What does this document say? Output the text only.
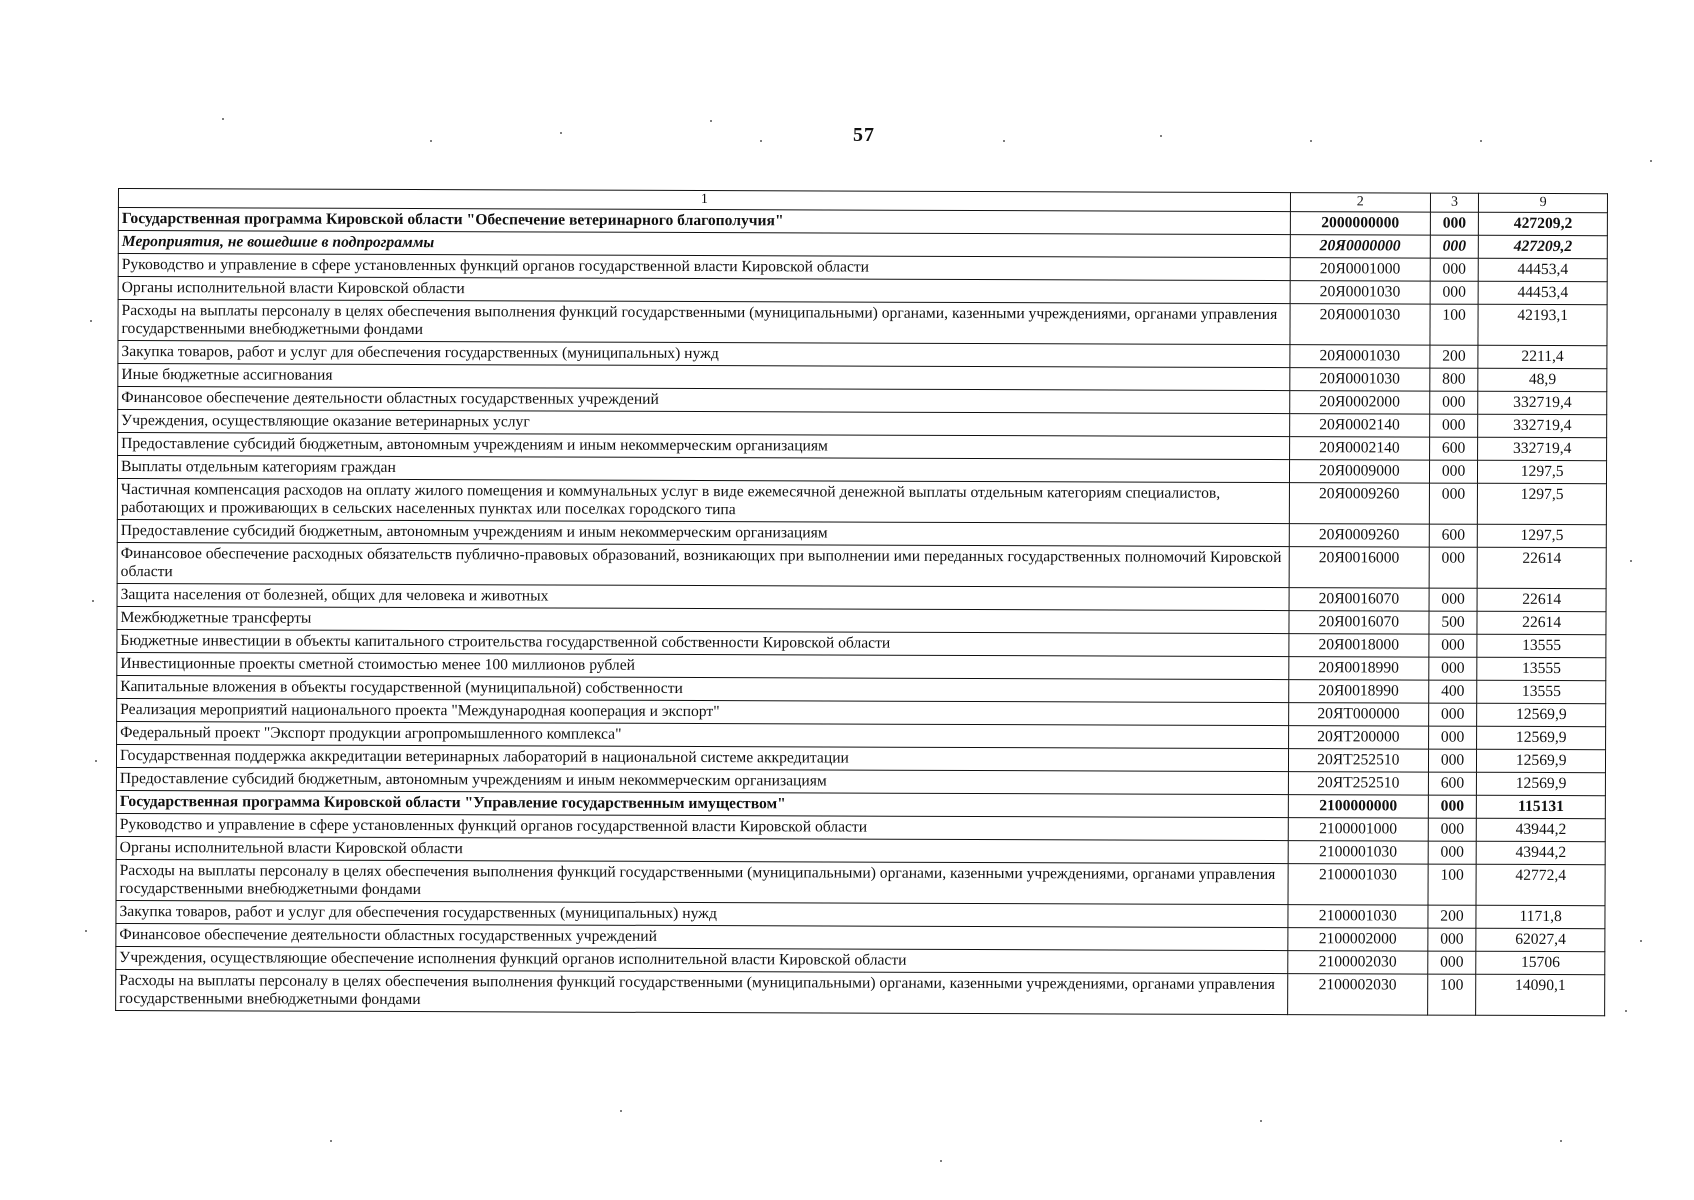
57
1	2	3	9
Государственная программа Кировской области "Обеспечение ветеринарного благополучия"	2000000000	000	427209,2
Мероприятия, не вошедшие в подпрограммы	20Я0000000	000	427209,2
Руководство и управление в сфере установленных функций органов государственной власти Кировской области	20Я0001000	000	44453,4
Органы исполнительной власти Кировской области	20Я0001030	000	44453,4
Расходы на выплаты персоналу в целях обеспечения выполнения функций государственными (муниципальными) органами, казенными учреждениями, органами управления государственными внебюджетными фондами	20Я0001030	100	42193,1
Закупка товаров, работ и услуг для обеспечения государственных (муниципальных) нужд	20Я0001030	200	2211,4
Иные бюджетные ассигнования	20Я0001030	800	48,9
Финансовое обеспечение деятельности областных государственных учреждений	20Я0002000	000	332719,4
Учреждения, осуществляющие оказание ветеринарных услуг	20Я0002140	000	332719,4
Предоставление субсидий бюджетным, автономным учреждениям и иным некоммерческим организациям	20Я0002140	600	332719,4
Выплаты отдельным категориям граждан	20Я0009000	000	1297,5
Частичная компенсация расходов на оплату жилого помещения и коммунальных услуг в виде ежемесячной денежной выплаты отдельным категориям специалистов, работающих и проживающих в сельских населенных пунктах или поселках городского типа	20Я0009260	000	1297,5
Предоставление субсидий бюджетным, автономным учреждениям и иным некоммерческим организациям	20Я0009260	600	1297,5
Финансовое обеспечение расходных обязательств публично-правовых образований, возникающих при выполнении ими переданных государственных полномочий Кировской области	20Я0016000	000	22614
Защита населения от болезней, общих для человека и животных	20Я0016070	000	22614
Межбюджетные трансферты	20Я0016070	500	22614
Бюджетные инвестиции в объекты капитального строительства государственной собственности Кировской области	20Я0018000	000	13555
Инвестиционные проекты сметной стоимостью менее 100 миллионов рублей	20Я0018990	000	13555
Капитальные вложения в объекты государственной (муниципальной) собственности	20Я0018990	400	13555
Реализация мероприятий национального проекта "Международная кооперация и экспорт"	20ЯТ000000	000	12569,9
Федеральный проект "Экспорт продукции агропромышленного комплекса"	20ЯТ200000	000	12569,9
Государственная поддержка аккредитации ветеринарных лабораторий в национальной системе аккредитации	20ЯТ252510	000	12569,9
Предоставление субсидий бюджетным, автономным учреждениям и иным некоммерческим организациям	20ЯТ252510	600	12569,9
Государственная программа Кировской области "Управление государственным имуществом"	2100000000	000	115131
Руководство и управление в сфере установленных функций органов государственной власти Кировской области	2100001000	000	43944,2
Органы исполнительной власти Кировской области	2100001030	000	43944,2
Расходы на выплаты персоналу в целях обеспечения выполнения функций государственными (муниципальными) органами, казенными учреждениями, органами управления государственными внебюджетными фондами	2100001030	100	42772,4
Закупка товаров, работ и услуг для обеспечения государственных (муниципальных) нужд	2100001030	200	1171,8
Финансовое обеспечение деятельности областных государственных учреждений	2100002000	000	62027,4
Учреждения, осуществляющие обеспечение исполнения функций органов исполнительной власти Кировской области	2100002030	000	15706
Расходы на выплаты персоналу в целях обеспечения выполнения функций государственными (муниципальными) органами, казенными учреждениями, органами управления государственными внебюджетными фондами	2100002030	100	14090,1
